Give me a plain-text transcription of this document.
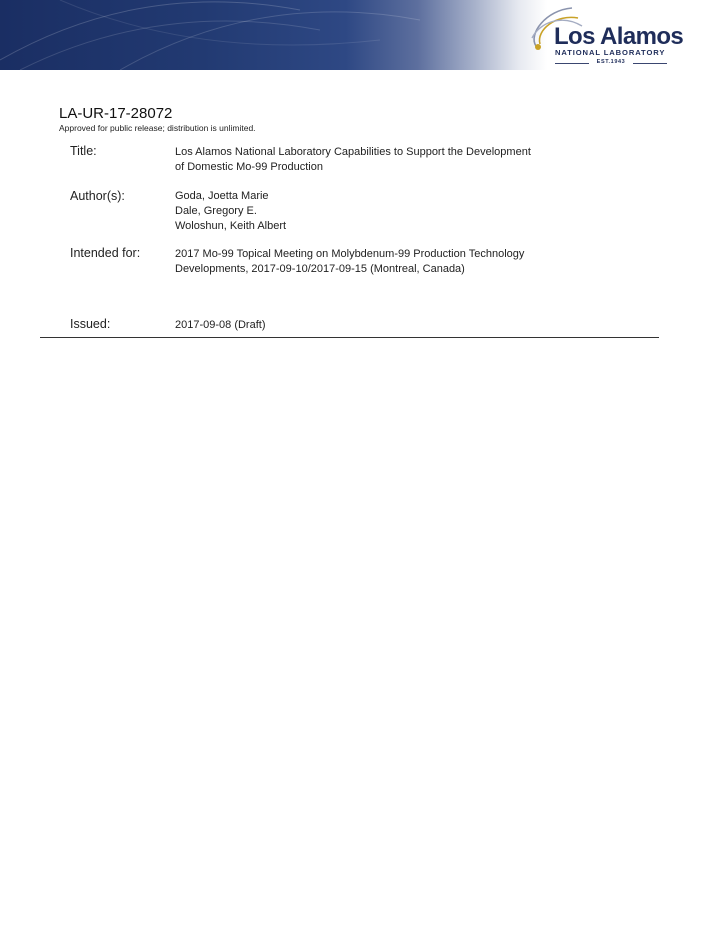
Los Alamos
NATIONAL LABORATORY
EST.1943
LA-UR-17-28072
Approved for public release; distribution is unlimited.
Title:	Los Alamos National Laboratory Capabilities to Support the Development
of Domestic Mo-99 Production
Author(s):	Goda, Joetta Marie
Dale, Gregory E.
Woloshun, Keith Albert
Intended for:	2017 Mo-99 Topical Meeting on Molybdenum-99 Production Technology
Developments, 2017-09-10/2017-09-15 (Montreal, Canada)
Issued:	2017-09-08 (Draft)
